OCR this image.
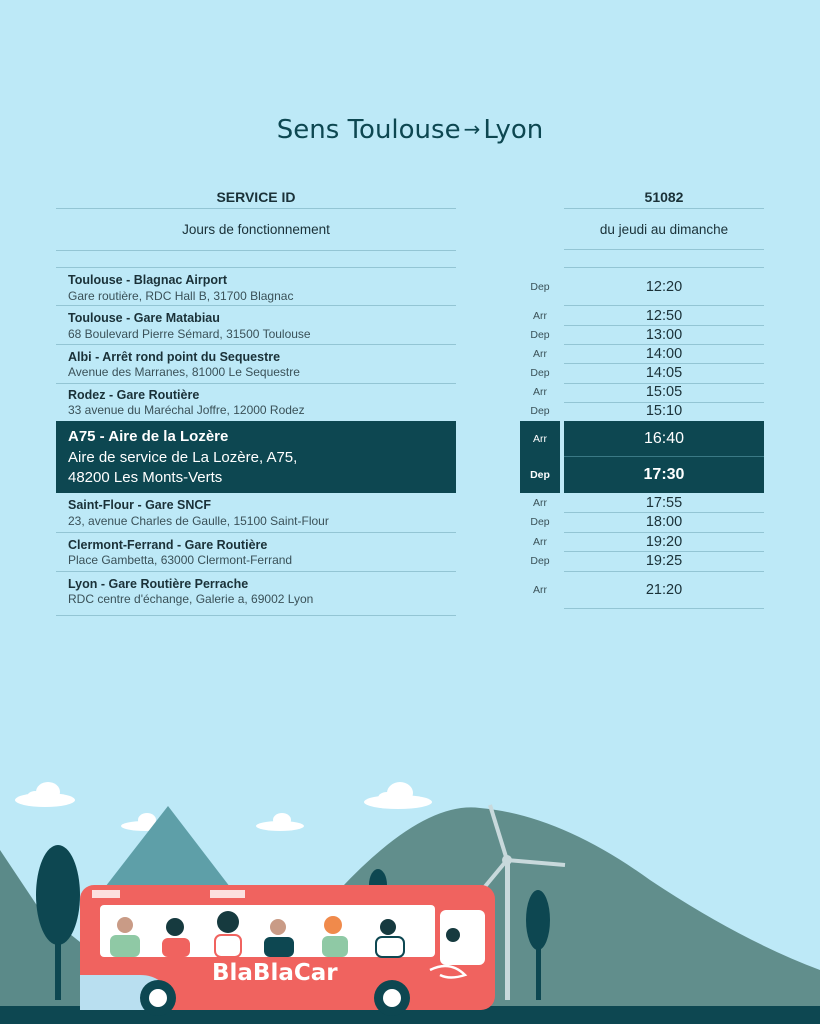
Sens Toulouse → Lyon
SERVICE ID	51082
Jours de fonctionnement	du jeudi au dimanche
Toulouse - Blagnac Airport
Gare routière, RDC Hall B, 31700 Blagnac
Dep	12:20
Toulouse - Gare Matabiau
68 Boulevard Pierre Sémard, 31500 Toulouse
Arr	12:50
Dep	13:00
Albi - Arrêt rond point du Sequestre
Avenue des Marranes, 81000 Le Sequestre
Arr	14:00
Dep	14:05
Rodez - Gare Routière
33 avenue du Maréchal Joffre, 12000 Rodez
Arr	15:05
Dep	15:10
A75 - Aire de la Lozère
Aire de service de La Lozère, A75,
48200 Les Monts-Verts
Arr	16:40
Dep	17:30
Saint-Flour - Gare SNCF
23, avenue Charles de Gaulle, 15100 Saint-Flour
Arr	17:55
Dep	18:00
Clermont-Ferrand - Gare Routière
Place Gambetta, 63000 Clermont-Ferrand
Arr	19:20
Dep	19:25
Lyon - Gare Routière Perrache
RDC centre d'échange, Galerie a, 69002 Lyon
Arr	21:20
BlaBlaCar
